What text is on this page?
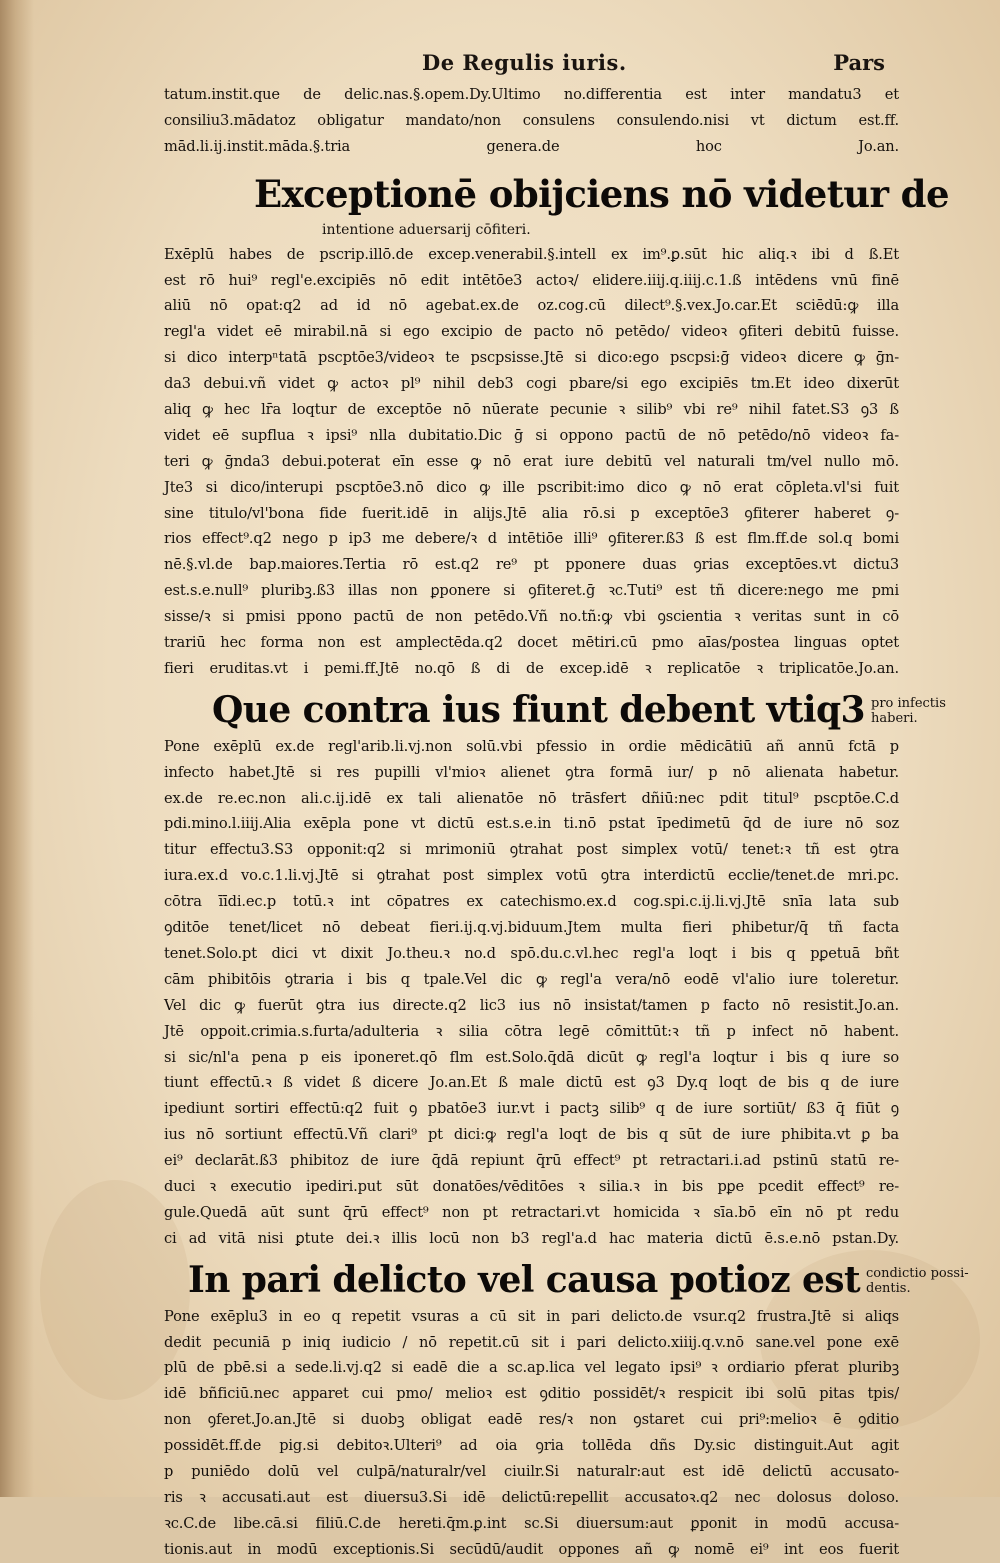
De Regulis iuris.	Pars
tatum.instit.que de delic.nas.§.opem.Dy.Ultimo no.differentia est inter mandatu3 et
consiliu3.mādatoz obligatur mandato/non consulens consulendo.nisi vt dictum est.ff.
mād.li.ij.instit.māda.§.tria genera.de hoc Jo.an.
Exceptionē obijciens nō videtur de
intentione aduersarij cōfiteri.
Exēplū habes de pscrip.illō.de excep.venerabil.§.intell ex im⁹.ꝑ.sūt hic aliq.ꝛ ibi d ß.Et
est rō hui⁹ regl'e.excipiēs nō edit intētōe3 actoꝛ/ elidere.iiij.q.iiij.c.1.ß intēdens vnū finē
aliū nō opat:q2 ad id nō agebat.ex.de oz.cog.cū dilect⁹.§.vex.Jo.car.Et sciēdū:ꝙ illa
regl'a videt eē mirabil.nā si ego excipio de pacto nō petēdo/ videoꝛ ꝯfiteri debitū fuisse.
si dico interpⁿtatā pscptōe3/videoꝛ te pscpsisse.Jtē si dico:ego pscpsi:ḡ videoꝛ dicere ꝙ ḡn-
da3 debui.vñ videt ꝙ actoꝛ pl⁹ nihil deb3 cogi pbare/si ego excipiēs tm.Et ideo dixerūt
aliq ꝙ hec lr̄a loqtur de exceptōe nō nūerate pecunie ꝛ silib⁹ vbi re⁹ nihil fatet.S3 ꝯ3 ß
videt eē supflua ꝛ ipsi⁹ nlla dubitatio.Dic ḡ si oppono pactū de nō petēdo/nō videoꝛ fa-
teri ꝙ ḡnda3 debui.poterat eīn esse ꝙ nō erat iure debitū vel naturali tm/vel nullo mō.
Jte3 si dico/interupi pscptōe3.nō dico ꝙ ille pscribit:imo dico ꝙ nō erat cōpleta.vl'si fuit
sine titulo/vl'bona fide fuerit.idē in alijs.Jtē alia rō.si p exceptōe3 ꝯfiterer haberet ꝯ-
rios effect⁹.q2 nego p ip3 me debere/ꝛ d intētiōe illi⁹ ꝯfiterer.ß3 ß est flm.ff.de sol.q bomi
nē.§.vl.de bap.maiores.Tertia rō est.q2 re⁹ pt pponere duas ꝯrias exceptōes.vt dictu3
est.s.e.null⁹ pluribꝫ.ß3 illas non ꝑponere si ꝯfiteret.ḡ ꝛc.Tuti⁹ est tñ dicere:nego me pmi
sisse/ꝛ si pmisi ppono pactū de non petēdo.Vñ no.tñ:ꝙ vbi ꝯscientia ꝛ veritas sunt in cō
trariū hec forma non est amplectēda.q2 docet mētiri.cū pmo aīas/postea linguas optet
fieri eruditas.vt i pemi.ff.Jtē no.qō ß di de excep.idē ꝛ replicatōe ꝛ triplicatōe.Jo.an.
Que contra ius fiunt debent vtiq3 pro infectis
haberi.
Pone exēplū ex.de regl'arib.li.vj.non solū.vbi pfessio in ordie mēdicātiū añ annū fctā p
infecto habet.Jtē si res pupilli vl'mioꝛ alienet ꝯtra formā iur/ p nō alienata habetur.
ex.de re.ec.non ali.c.ij.idē ex tali alienatōe nō trāsfert dñiū:nec pdit titul⁹ pscptōe.C.d
pdi.mino.l.iiij.Alia exēpla pone vt dictū est.s.e.in ti.nō pstat īpedimetū q̄d de iure nō soz
titur effectu3.S3 opponit:q2 si mrimoniū ꝯtrahat post simplex votū/ tenet:ꝛ tñ est ꝯtra
iura.ex.d vo.c.1.li.vj.Jtē si ꝯtrahat post simplex votū ꝯtra interdictū ecclie/tenet.de mri.pc.
cōtra īīdi.ec.p totū.ꝛ int cōpatres ex catechismo.ex.d cog.spi.c.ij.li.vj.Jtē snīa lata sub
ꝯditōe tenet/licet nō debeat fieri.ij.q.vj.biduum.Jtem multa fieri phibetur/q̄ tñ facta
tenet.Solo.pt dici vt dixit Jo.theu.ꝛ no.d spō.du.c.vl.hec regl'a loqt i bis q pꝑetuā bñt
cām phibitōis ꝯtraria i bis q tpale.Vel dic ꝙ regl'a vera/nō eodē vl'alio iure toleretur.
Vel dic ꝙ fuerūt ꝯtra ius directe.q2 lic3 ius nō insistat/tamen p facto nō resistit.Jo.an.
Jtē oppoit.crimia.s.furta/adulteria ꝛ silia cōtra legē cōmittūt:ꝛ tñ p infect nō habent.
si sic/nl'a pena p eis iponeret.qō flm est.Solo.q̄dā dicūt ꝙ regl'a loqtur i bis q iure so
tiunt effectū.ꝛ ß videt ß dicere Jo.an.Et ß male dictū est ꝯ3 Dy.q loqt de bis q de iure
ipediunt sortiri effectū:q2 fuit ꝯ pbatōe3 iur.vt i pactꝫ silib⁹ q de iure sortiūt/ ß3 q̄ fiūt ꝯ
ius nō sortiunt effectū.Vñ clari⁹ pt dici:ꝙ regl'a loqt de bis q sūt de iure phibita.vt ꝑ ba
ei⁹ declarāt.ß3 phibitoz de iure q̄dā repiunt q̄rū effect⁹ pt retractari.i.ad pstinū statū re-
duci ꝛ executio ipediri.put sūt donatōes/vēditōes ꝛ silia.ꝛ in bis pꝑe pcedit effect⁹ re-
gule.Quedā aūt sunt q̄rū effect⁹ non pt retractari.vt homicida ꝛ sīa.bō eīn nō pt redu
ci ad vitā nisi ꝑtute dei.ꝛ illis locū non b3 regl'a.d hac materia dictū ē.s.e.nō pstan.Dy.
In pari delicto vel causa potioz est condictio possi-
dentis.
Pone exēplu3 in eo q repetit vsuras a cū sit in pari delicto.de vsur.q2 frustra.Jtē si aliqs
dedit pecuniā p iniq iudicio / nō repetit.cū sit i pari delicto.xiiij.q.v.nō sane.vel pone exē
plū de pbē.si a sede.li.vj.q2 si eadē die a sc.ap.lica vel legato ipsi⁹ ꝛ ordiario pferat pluribꝫ
idē bñficiū.nec apparet cui pmo/ melioꝛ est ꝯditio possidēt/ꝛ respicit ibi solū pitas tpis/
non ꝯferet.Jo.an.Jtē si duobꝫ obligat eadē res/ꝛ non ꝯstaret cui pri⁹:melioꝛ ē ꝯditio
possidēt.ff.de pig.si debitoꝛ.Ulteri⁹ ad oia ꝯria tollēda dñs Dy.sic distinguit.Aut agit
p puniēdo dolū vel culpā/naturalr/vel ciuilr.Si naturalr:aut est idē delictū accusato-
ris ꝛ accusati.aut est diuersu3.Si idē delictū:repellit accusatoꝛ.q2 nec dolosus doloso.
ꝛc.C.de libe.cā.si filiū.C.de hereti.q̄m.ꝑ.int sc.Si diuersum:aut ꝑponit in modū accusa-
tionis.aut in modū exceptionis.Si secūdū/audit oppones añ ꝙ nomē ei⁹ int eos fuerit
